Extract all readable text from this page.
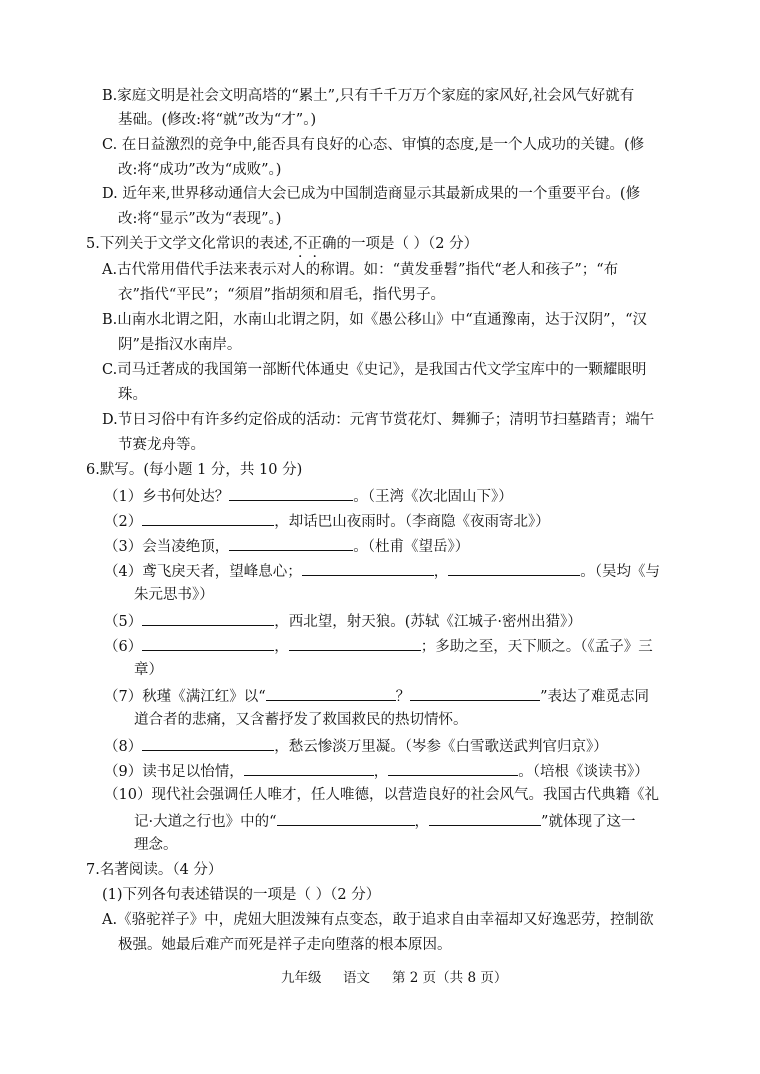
B.家庭文明是社会文明高塔的“累土”,只有千千万万个家庭的家风好,社会风气好就有
基础。(修改:将“就”改为“才”。)
C. 在日益激烈的竞争中,能否具有良好的心态、审慎的态度,是一个人成功的关键。(修
改:将“成功”改为“成败”。)
D. 近年来,世界移动通信大会已成为中国制造商显示其最新成果的一个重要平台。(修
改:将“显示”改为“表现”。)
5.下列关于文学文化常识的表述,不正确的一项是（ ）（2 分）
A.古代常用借代手法来表示对人的称谓。如：“黄发垂髫”指代“老人和孩子”；“布
衣”指代“平民”；“须眉”指胡须和眉毛，指代男子。
B.山南水北谓之阳，水南山北谓之阴，如《愚公移山》中“直通豫南，达于汉阴”，“汉
阴”是指汉水南岸。
C.司马迁著成的我国第一部断代体通史《史记》，是我国古代文学宝库中的一颗耀眼明
珠。
D.节日习俗中有许多约定俗成的活动：元宵节赏花灯、舞狮子；清明节扫墓踏青；端午
节赛龙舟等。
6.默写。(每小题 1 分，共 10 分)
（1）乡书何处达？	。（王湾《次北固山下》）
（2）	，却话巴山夜雨时。（李商隐《夜雨寄北》）
（3）会当凌绝顶，	。（杜甫《望岳》）
（4）鸢飞戾天者，望峰息心；	，	。（吴均《与
朱元思书》）
（5）	，西北望，射天狼。(苏轼《江城子·密州出猎》）
（6）	，	；多助之至，天下顺之。（《孟子》三
章）
（7）秋瑾《满江红》以“	？	”表达了难觅志同
道合者的悲痛，又含蓄抒发了救国救民的热切情怀。
（8）	，愁云惨淡万里凝。（岑参《白雪歌送武判官归京》）
（9）读书足以怡情，	，	。（培根《谈读书》）
（10）现代社会强调任人唯才，任人唯德，以营造良好的社会风气。我国古代典籍《礼
记·大道之行也》中的“	，	”就体现了这一
理念。
7.名著阅读。（4 分）
(1)下列各句表述错误的一项是（ ）（2 分）
A.《骆驼祥子》中，虎妞大胆泼辣有点变态，敢于追求自由幸福却又好逸恶劳，控制欲
极强。她最后难产而死是祥子走向堕落的根本原因。
九年级 语文 第 2 页（共 8 页）
